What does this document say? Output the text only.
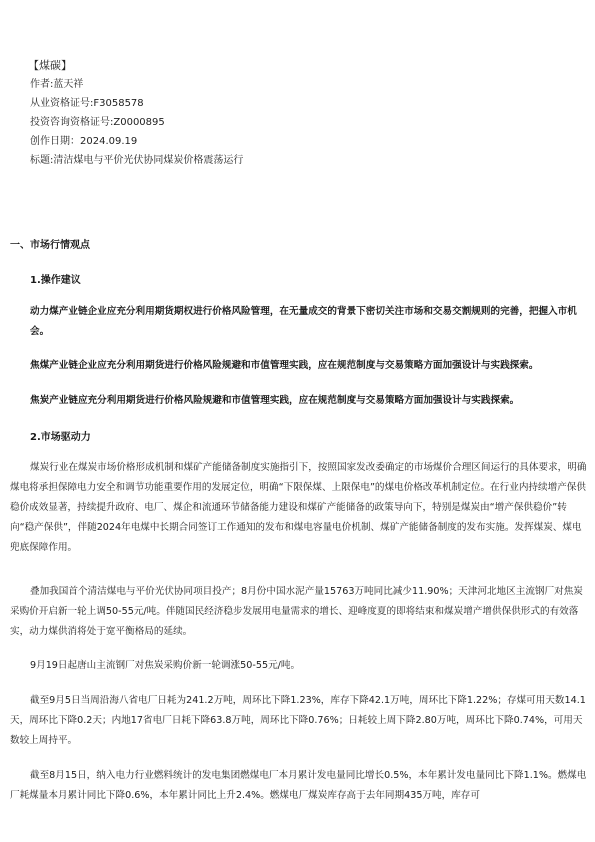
【煤碳】
作者:蓝天祥
从业资格证号:F3058578
投资咨询资格证号:Z0000895
创作日期：2024.09.19
标题:清洁煤电与平价光伏协同煤炭价格震荡运行
一、市场行情观点
1.操作建议
动力煤产业链企业应充分利用期货期权进行价格风险管理，在无量成交的背景下密切关注市场和交易交割规则的完善，把握入市机会。
焦煤产业链企业应充分利用期货进行价格风险规避和市值管理实践，应在规范制度与交易策略方面加强设计与实践探索。
焦炭产业链应充分利用期货进行价格风险规避和市值管理实践，应在规范制度与交易策略方面加强设计与实践探索。
2.市场驱动力
煤炭行业在煤炭市场价格形成机制和煤矿产能储备制度实施指引下，按照国家发改委确定的市场煤价合理区间运行的具体要求，明确煤电将承担保障电力安全和调节功能重要作用的发展定位，明确“下限保煤、上限保电”的煤电价格改革机制定位。在行业内持续增产保供稳价成效显著，持续提升政府、电厂、煤企和流通环节储备能力建设和煤矿产能储备的政策导向下，特别是煤炭由“增产保供稳价”转向“稳产保供”，伴随2024年电煤中长期合同签订工作通知的发布和煤电容量电价机制、煤矿产能储备制度的发布实施。发挥煤炭、煤电兜底保障作用。
叠加我国首个清洁煤电与平价光伏协同项目投产；8月份中国水泥产量15763万吨同比减少11.90%；天津河北地区主流钢厂对焦炭采购价开启新一轮上调50-55元/吨。伴随国民经济稳步发展用电量需求的增长、迎峰度夏的即将结束和煤炭增产增供保供形式的有效落实，动力煤供消将处于宽平衡格局的延续。
9月19日起唐山主流钢厂对焦炭采购价新一轮调涨50-55元/吨。
截至9月5日当周沿海八省电厂日耗为241.2万吨，周环比下降1.23%，库存下降42.1万吨，周环比下降1.22%；存煤可用天数14.1天，周环比下降0.2天；内地17省电厂日耗下降63.8万吨，周环比下降0.76%；日耗较上周下降2.80万吨，周环比下降0.74%，可用天数较上周持平。
截至8月15日，纳入电力行业燃料统计的发电集团燃煤电厂本月累计发电量同比增长0.5%，本年累计发电量同比下降1.1%。燃煤电厂耗煤量本月累计同比下降0.6%，本年累计同比上升2.4%。燃煤电厂煤炭库存高于去年同期435万吨，库存可
